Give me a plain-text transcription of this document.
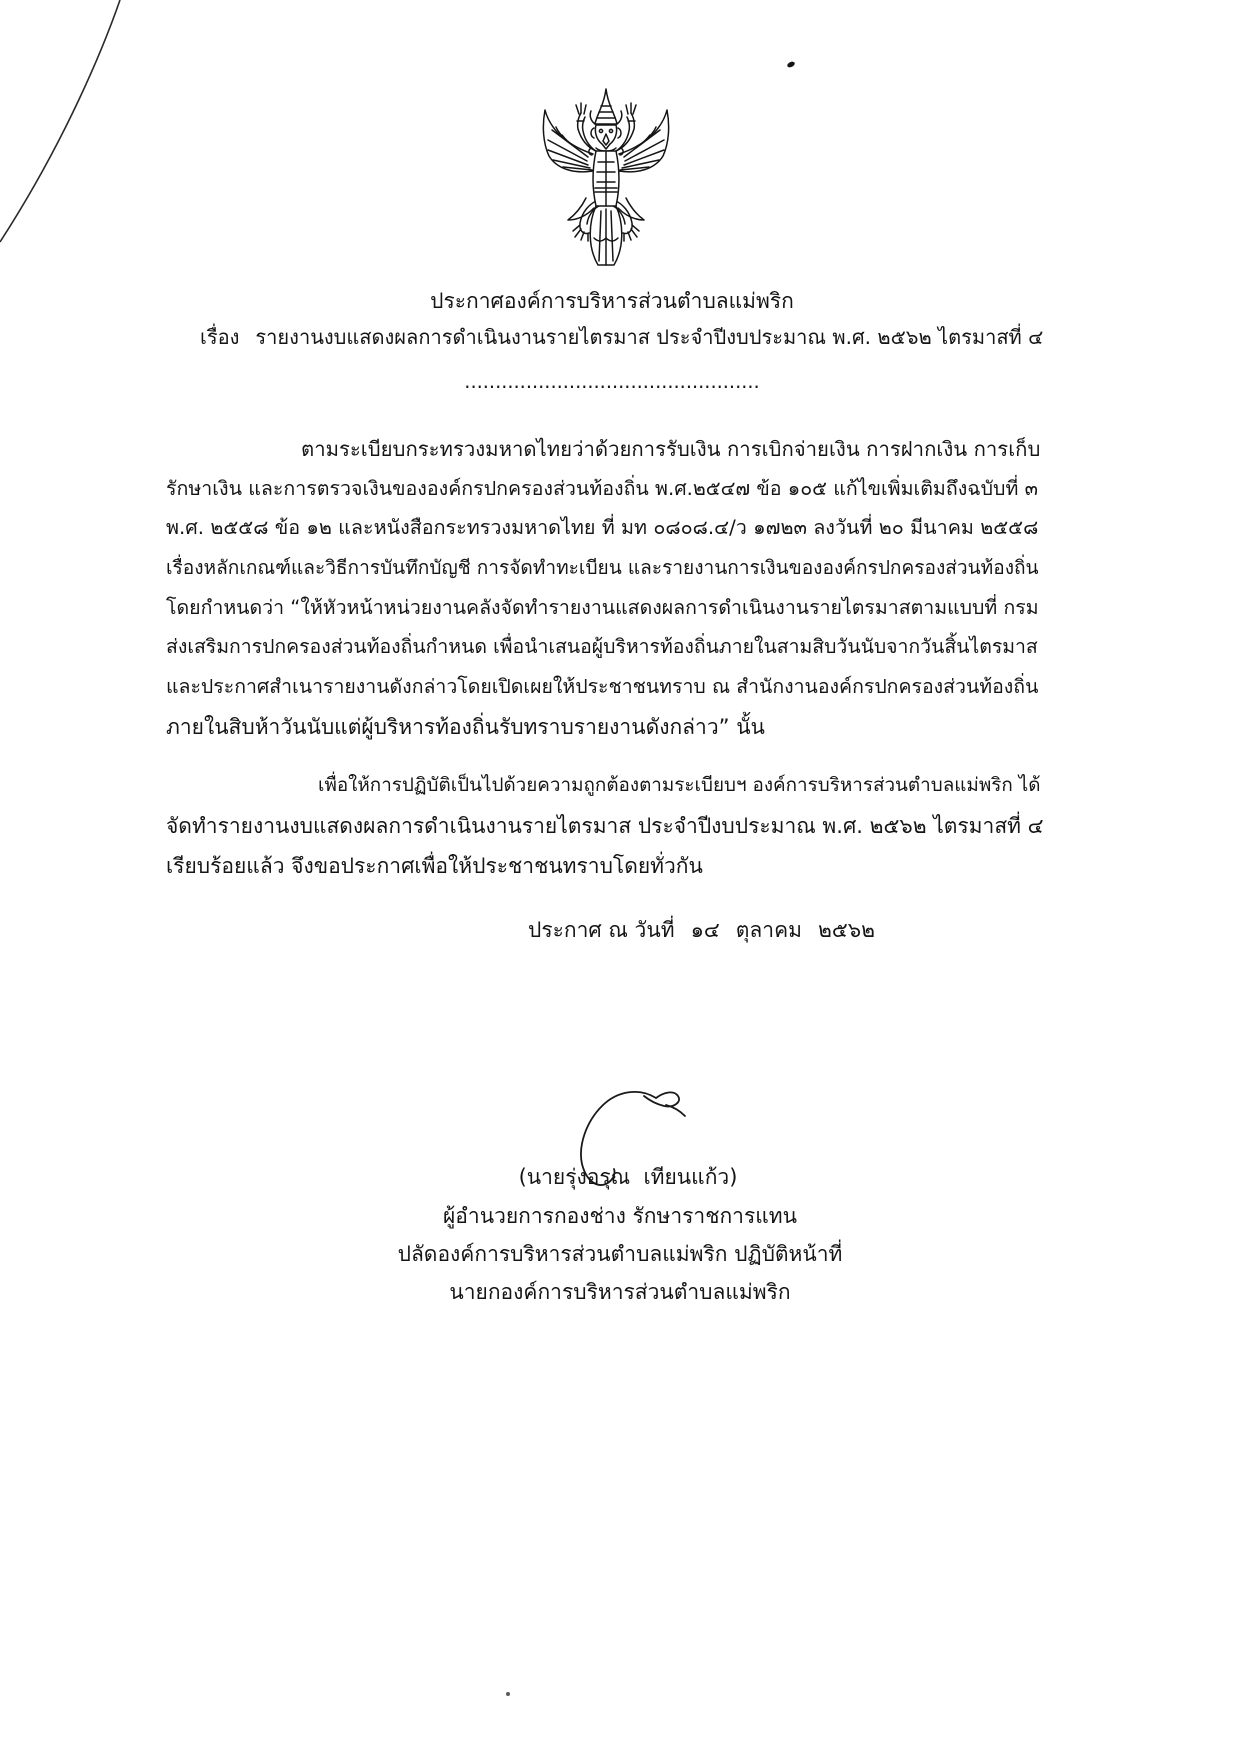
ประกาศองค์การบริหารส่วนตำบลแม่พริก
เรื่อง รายงานงบแสดงผลการดำเนินงานรายไตรมาส ประจำปีงบประมาณ พ.ศ. ๒๕๖๒ ไตรมาสที่ ๔
................................................
ตามระเบียบกระทรวงมหาดไทยว่าด้วยการรับเงิน การเบิกจ่ายเงิน การฝากเงิน การเก็บ
รักษาเงิน และการตรวจเงินขององค์กรปกครองส่วนท้องถิ่น พ.ศ.๒๕๔๗ ข้อ ๑๐๕ แก้ไขเพิ่มเติมถึงฉบับที่ ๓
พ.ศ. ๒๕๕๘ ข้อ ๑๒ และหนังสือกระทรวงมหาดไทย ที่ มท ๐๘๐๘.๔/ว ๑๗๒๓ ลงวันที่ ๒๐ มีนาคม ๒๕๕๘
เรื่องหลักเกณฑ์และวิธีการบันทึกบัญชี การจัดทำทะเบียน และรายงานการเงินขององค์กรปกครองส่วนท้องถิ่น
โดยกำหนดว่า “ให้หัวหน้าหน่วยงานคลังจัดทำรายงานแสดงผลการดำเนินงานรายไตรมาสตามแบบที่ กรม
ส่งเสริมการปกครองส่วนท้องถิ่นกำหนด เพื่อนำเสนอผู้บริหารท้องถิ่นภายในสามสิบวันนับจากวันสิ้นไตรมาส
และประกาศสำเนารายงานดังกล่าวโดยเปิดเผยให้ประชาชนทราบ ณ สำนักงานองค์กรปกครองส่วนท้องถิ่น
ภายในสิบห้าวันนับแต่ผู้บริหารท้องถิ่นรับทราบรายงานดังกล่าว” นั้น
เพื่อให้การปฏิบัติเป็นไปด้วยความถูกต้องตามระเบียบฯ องค์การบริหารส่วนตำบลแม่พริก ได้
จัดทำรายงานงบแสดงผลการดำเนินงานรายไตรมาส ประจำปีงบประมาณ พ.ศ. ๒๕๖๒ ไตรมาสที่ ๔
เรียบร้อยแล้ว จึงขอประกาศเพื่อให้ประชาชนทราบโดยทั่วกัน
ประกาศ ณ วันที่ ๑๔ ตุลาคม ๒๕๖๒
(นายรุ่งอรุณ  เทียนแก้ว)
ผู้อำนวยการกองช่าง รักษาราชการแทน
ปลัดองค์การบริหารส่วนตำบลแม่พริก ปฏิบัติหน้าที่
นายกองค์การบริหารส่วนตำบลแม่พริก
